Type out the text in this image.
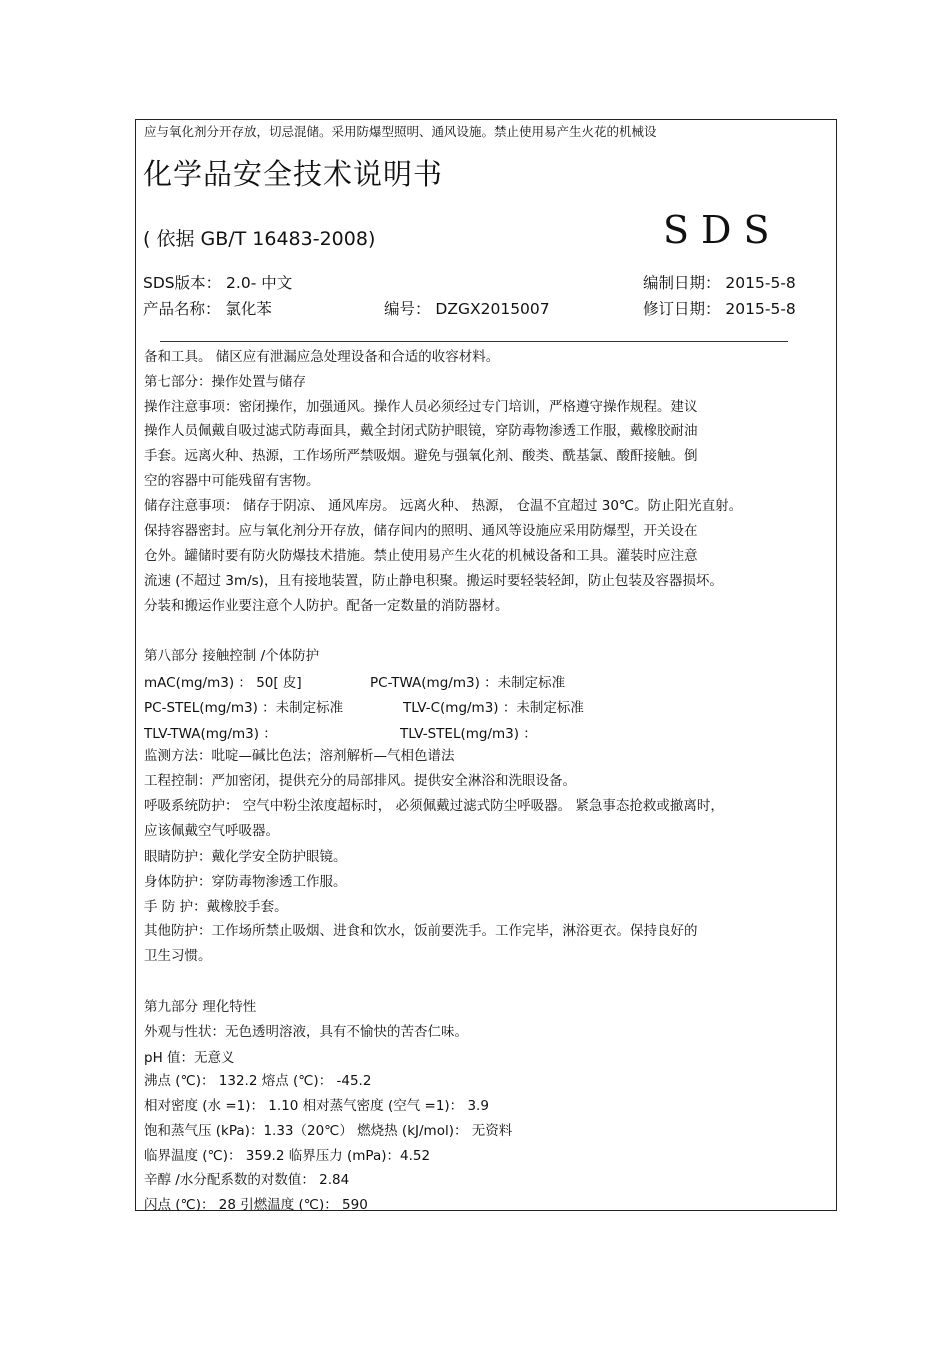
应与氧化剂分开存放，切忌混储。采用防爆型照明、通风设施。禁止使用易产生火花的机械设
化学品安全技术说明书
( 依据 GB/T 16483-2008)	SDS
SDS版本： 2.0- 中文	编制日期： 2015-5-8
产品名称： 氯化苯	编号： DZGX2015007	修订日期： 2015-5-8
备和工具。 储区应有泄漏应急处理设备和合适的收容材料。
第七部分：操作处置与储存
操作注意事项：密闭操作，加强通风。操作人员必须经过专门培训，严格遵守操作规程。建议
操作人员佩戴自吸过滤式防毒面具，戴全封闭式防护眼镜，穿防毒物渗透工作服，戴橡胶耐油
手套。远离火种、热源，工作场所严禁吸烟。避免与强氧化剂、酸类、酰基氯、酸酐接触。倒
空的容器中可能残留有害物。
储存注意事项： 储存于阴凉、 通风库房。 远离火种、 热源， 仓温不宜超过 30℃。防止阳光直射。
保持容器密封。应与氧化剂分开存放，储存间内的照明、通风等设施应采用防爆型，开关设在
仓外。罐储时要有防火防爆技术措施。禁止使用易产生火花的机械设备和工具。灌装时应注意
流速 (不超过 3m/s)，且有接地装置，防止静电积聚。搬运时要轻装轻卸，防止包装及容器损坏。
分装和搬运作业要注意个人防护。配备一定数量的消防器材。
第八部分 接触控制 /个体防护
mAC(mg/m3) ： 50[ 皮]	PC-TWA(mg/m3) ：未制定标准
PC-STEL(mg/m3) ：未制定标准	TLV-C(mg/m3) ：未制定标准
TLV-TWA(mg/m3) ：	TLV-STEL(mg/m3) ：
监测方法：吡啶—碱比色法；溶剂解析—气相色谱法
工程控制：严加密闭，提供充分的局部排风。提供安全淋浴和洗眼设备。
呼吸系统防护： 空气中粉尘浓度超标时， 必须佩戴过滤式防尘呼吸器。 紧急事态抢救或撤离时，
应该佩戴空气呼吸器。
眼睛防护：戴化学安全防护眼镜。
身体防护：穿防毒物渗透工作服。
手 防 护：戴橡胶手套。
其他防护：工作场所禁止吸烟、进食和饮水，饭前要洗手。工作完毕，淋浴更衣。保持良好的
卫生习惯。
第九部分 理化特性
外观与性状：无色透明溶液，具有不愉快的苦杏仁味。
pH 值：无意义
沸点 (℃)： 132.2 熔点 (℃)： -45.2
相对密度 (水 =1)： 1.10 相对蒸气密度 (空气 =1)： 3.9
饱和蒸气压 (kPa)：1.33（20℃） 燃烧热 (kJ/mol)： 无资料
临界温度 (℃)： 359.2 临界压力 (mPa)：4.52
辛醇 /水分配系数的对数值： 2.84
闪点 (℃)： 28 引燃温度 (℃)： 590
